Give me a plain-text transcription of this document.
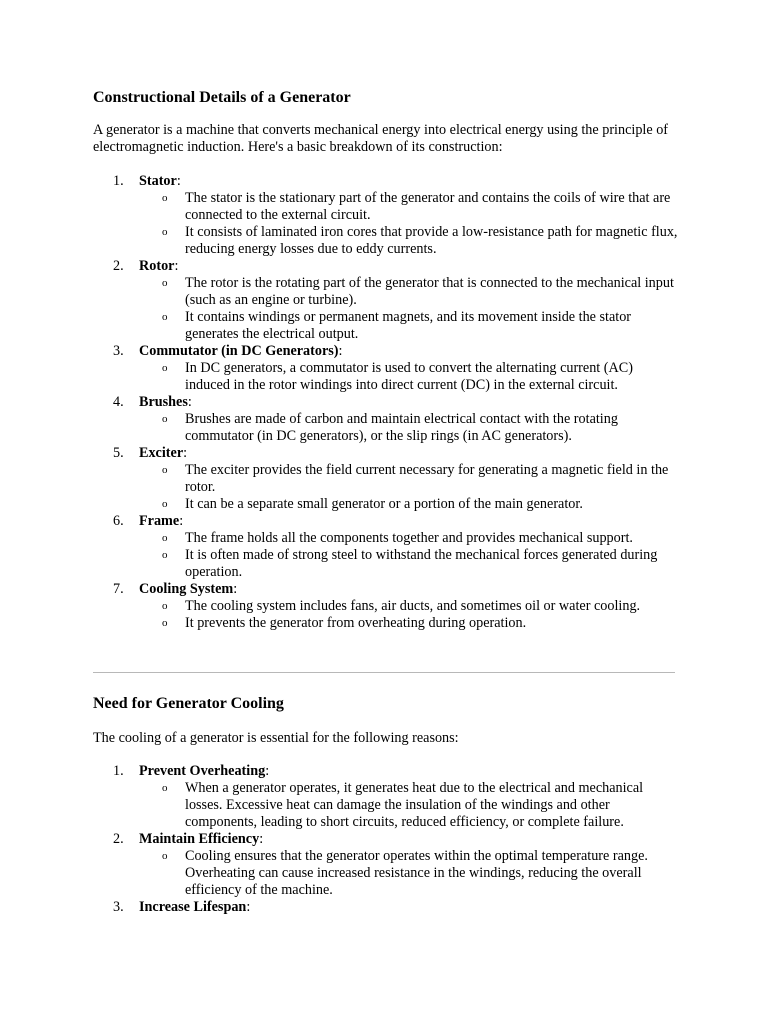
Constructional Details of a Generator

A generator is a machine that converts mechanical energy into electrical energy using the principle of electromagnetic induction. Here's a basic breakdown of its construction:

1. Stator:
o The stator is the stationary part of the generator and contains the coils of wire that are connected to the external circuit.
o It consists of laminated iron cores that provide a low-resistance path for magnetic flux, reducing energy losses due to eddy currents.
2. Rotor:
o The rotor is the rotating part of the generator that is connected to the mechanical input (such as an engine or turbine).
o It contains windings or permanent magnets, and its movement inside the stator generates the electrical output.
3. Commutator (in DC Generators):
o In DC generators, a commutator is used to convert the alternating current (AC) induced in the rotor windings into direct current (DC) in the external circuit.
4. Brushes:
o Brushes are made of carbon and maintain electrical contact with the rotating commutator (in DC generators), or the slip rings (in AC generators).
5. Exciter:
o The exciter provides the field current necessary for generating a magnetic field in the rotor.
o It can be a separate small generator or a portion of the main generator.
6. Frame:
o The frame holds all the components together and provides mechanical support.
o It is often made of strong steel to withstand the mechanical forces generated during operation.
7. Cooling System:
o The cooling system includes fans, air ducts, and sometimes oil or water cooling.
o It prevents the generator from overheating during operation.
Need for Generator Cooling

The cooling of a generator is essential for the following reasons:

1. Prevent Overheating:
o When a generator operates, it generates heat due to the electrical and mechanical losses. Excessive heat can damage the insulation of the windings and other components, leading to short circuits, reduced efficiency, or complete failure.
2. Maintain Efficiency:
o Cooling ensures that the generator operates within the optimal temperature range. Overheating can cause increased resistance in the windings, reducing the overall efficiency of the machine.
3. Increase Lifespan:
